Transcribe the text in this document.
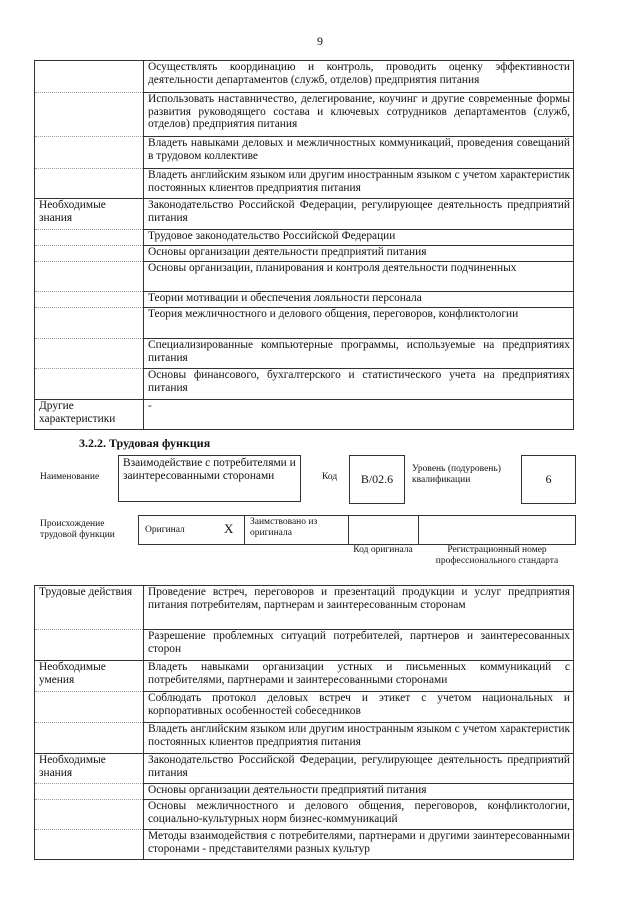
9
	Осуществлять координацию и контроль, проводить оценку эффективности деятельности департаментов (служб, отделов) предприятия питания
	Использовать наставничество, делегирование, коучинг и другие современные формы развития руководящего состава и ключевых сотрудников департаментов (служб, отделов) предприятия питания
	Владеть навыками деловых и межличностных коммуникаций, проведения совещаний в трудовом коллективе
	Владеть английским языком или другим иностранным языком с учетом характеристик постоянных клиентов предприятия питания
Необходимые знания	Законодательство Российской Федерации, регулирующее деятельность предприятий питания
	Трудовое законодательство Российской Федерации
	Основы организации деятельности предприятий питания
	Основы организации, планирования и контроля деятельности подчиненных
	Теории мотивации и обеспечения лояльности персонала
	Теория межличностного и делового общения, переговоров, конфликтологии
	Специализированные компьютерные программы, используемые на предприятиях питания
	Основы финансового, бухгалтерского и статистического учета на предприятиях питания
Другие характеристики	-
3.2.2. Трудовая функция
Наименование
Взаимодействие с потребителями и заинтересованными сторонами	Код	B/02.6
Уровень (подуровень) квалификации	6
Происхождение трудовой функции	Оригинал	X Заимствовано из оригинала
Код оригинала	Регистрационный номер профессионального стандарта
Трудовые действия	Проведение встреч, переговоров и презентаций продукции и услуг предприятия питания потребителям, партнерам и заинтересованным сторонам
	Разрешение проблемных ситуаций потребителей, партнеров и заинтересованных сторон
Необходимые умения	Владеть навыками организации устных и письменных коммуникаций с потребителями, партнерами и заинтересованными сторонами
	Соблюдать протокол деловых встреч и этикет с учетом национальных и корпоративных особенностей собеседников
	Владеть английским языком или другим иностранным языком с учетом характеристик постоянных клиентов предприятия питания
Необходимые знания	Законодательство Российской Федерации, регулирующее деятельность предприятий питания
	Основы организации деятельности предприятий питания
	Основы межличностного и делового общения, переговоров, конфликтологии, социально-культурных норм бизнес-коммуникаций
	Методы взаимодействия с потребителями, партнерами и другими заинтересованными сторонами - представителями разных культур
